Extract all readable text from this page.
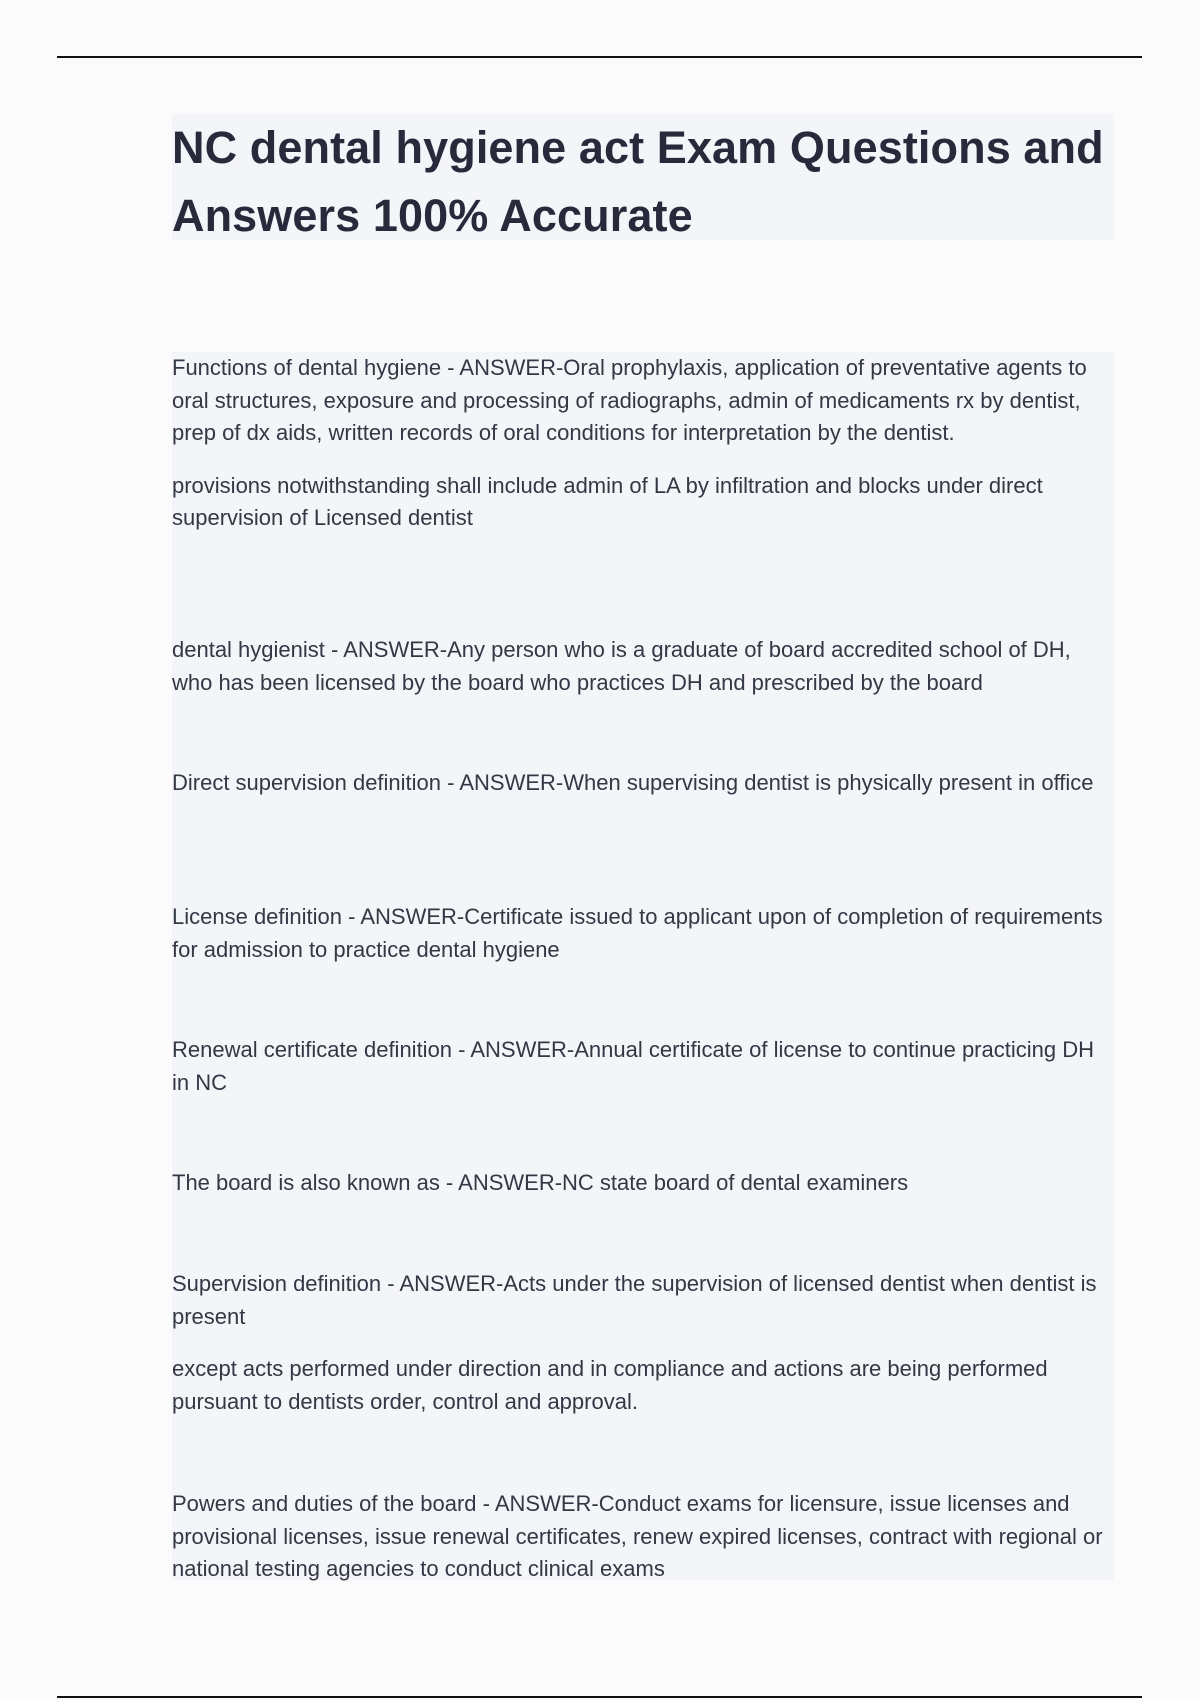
NC dental hygiene act Exam Questions and Answers 100% Accurate

Functions of dental hygiene - ANSWER-Oral prophylaxis, application of preventative agents to oral structures, exposure and processing of radiographs, admin of medicaments rx by dentist, prep of dx aids, written records of oral conditions for interpretation by the dentist.

provisions notwithstanding shall include admin of LA by infiltration and blocks under direct supervision of Licensed dentist

dental hygienist - ANSWER-Any person who is a graduate of board accredited school of DH, who has been licensed by the board who practices DH and prescribed by the board

Direct supervision definition - ANSWER-When supervising dentist is physically present in office

License definition - ANSWER-Certificate issued to applicant upon of completion of requirements for admission to practice dental hygiene

Renewal certificate definition - ANSWER-Annual certificate of license to continue practicing DH in NC

The board is also known as - ANSWER-NC state board of dental examiners

Supervision definition - ANSWER-Acts under the supervision of licensed dentist when dentist is present

except acts performed under direction and in compliance and actions are being performed pursuant to dentists order, control and approval.

Powers and duties of the board - ANSWER-Conduct exams for licensure, issue licenses and provisional licenses, issue renewal certificates, renew expired licenses, contract with regional or national testing agencies to conduct clinical exams
